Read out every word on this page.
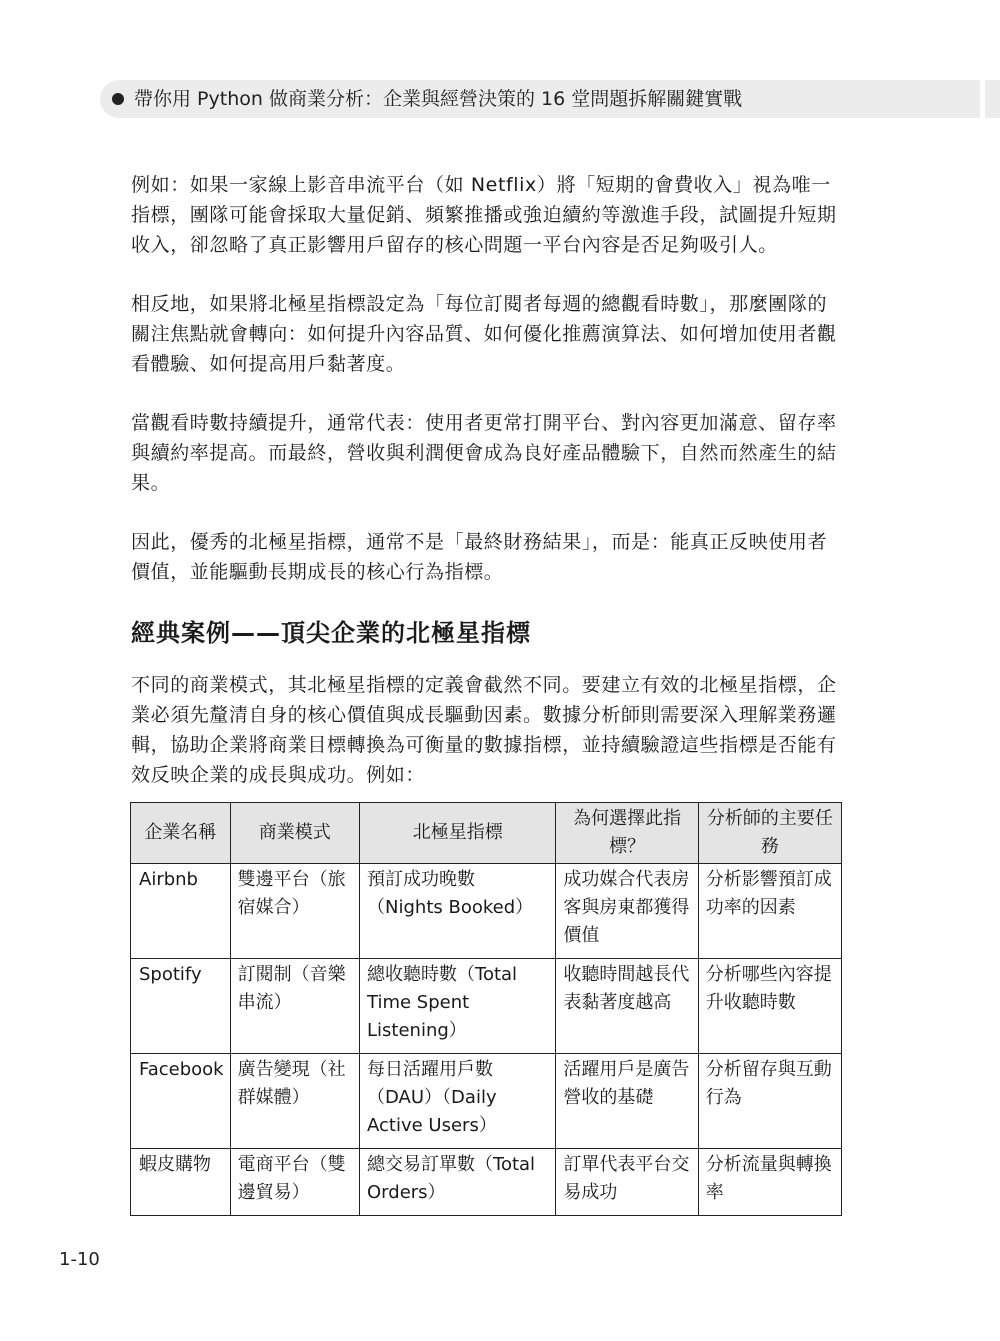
帶你用 Python 做商業分析：企業與經營決策的 16 堂問題拆解關鍵實戰

例如：如果一家線上影音串流平台（如 Netflix）將「短期的會費收入」視為唯一指標，團隊可能會採取大量促銷、頻繁推播或強迫續約等激進手段，試圖提升短期收入，卻忽略了真正影響用戶留存的核心問題一平台內容是否足夠吸引人。

相反地，如果將北極星指標設定為「每位訂閱者每週的總觀看時數」，那麼團隊的關注焦點就會轉向：如何提升內容品質、如何優化推薦演算法、如何增加使用者觀看體驗、如何提高用戶黏著度。

當觀看時數持續提升，通常代表：使用者更常打開平台、對內容更加滿意、留存率與續約率提高。而最終，營收與利潤便會成為良好產品體驗下，自然而然產生的結果。

因此，優秀的北極星指標，通常不是「最終財務結果」，而是：能真正反映使用者價值，並能驅動長期成長的核心行為指標。

經典案例——頂尖企業的北極星指標

不同的商業模式，其北極星指標的定義會截然不同。要建立有效的北極星指標，企業必須先釐清自身的核心價值與成長驅動因素。數據分析師則需要深入理解業務邏輯，協助企業將商業目標轉換為可衡量的數據指標，並持續驗證這些指標是否能有效反映企業的成長與成功。例如：

企業名稱	商業模式	北極星指標	為何選擇此指標？	分析師的主要任務
Airbnb	雙邊平台（旅宿媒合）	預訂成功晚數（Nights Booked）	成功媒合代表房客與房東都獲得價值	分析影響預訂成功率的因素
Spotify	訂閱制（音樂串流）	總收聽時數（Total Time Spent Listening）	收聽時間越長代表黏著度越高	分析哪些內容提升收聽時數
Facebook	廣告變現（社群媒體）	每日活躍用戶數（DAU）（Daily Active Users）	活躍用戶是廣告營收的基礎	分析留存與互動行為
蝦皮購物	電商平台（雙邊貿易）	總交易訂單數（Total Orders）	訂單代表平台交易成功	分析流量與轉換率
1-10
